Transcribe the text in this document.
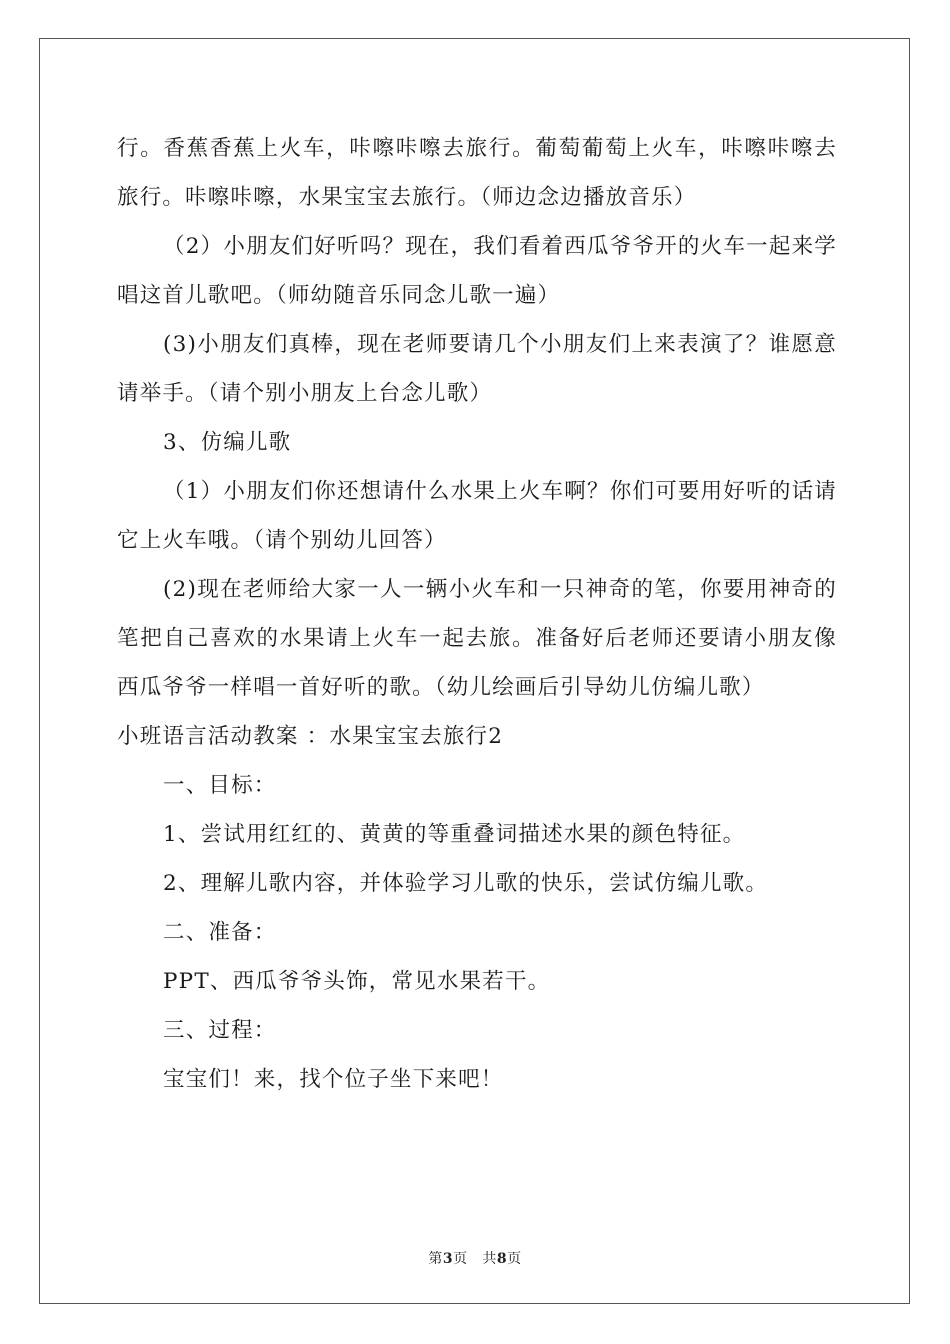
行。香蕉香蕉上火车，咔嚓咔嚓去旅行。葡萄葡萄上火车，咔嚓咔嚓去旅行。咔嚓咔嚓，水果宝宝去旅行。（师边念边播放音乐）

（2）小朋友们好听吗？现在，我们看着西瓜爷爷开的火车一起来学唱这首儿歌吧。（师幼随音乐同念儿歌一遍）

(3)小朋友们真棒，现在老师要请几个小朋友们上来表演了？谁愿意请举手。（请个别小朋友上台念儿歌）

3、仿编儿歌

（1）小朋友们你还想请什么水果上火车啊？你们可要用好听的话请它上火车哦。（请个别幼儿回答）

(2)现在老师给大家一人一辆小火车和一只神奇的笔，你要用神奇的笔把自己喜欢的水果请上火车一起去旅。准备好后老师还要请小朋友像西瓜爷爷一样唱一首好听的歌。（幼儿绘画后引导幼儿仿编儿歌）

小班语言活动教案 ：水果宝宝去旅行2

一、目标：

1、尝试用红红的、黄黄的等重叠词描述水果的颜色特征。

2、理解儿歌内容，并体验学习儿歌的快乐，尝试仿编儿歌。

二、准备：

PPT、西瓜爷爷头饰，常见水果若干。

三、过程：

宝宝们！来，找个位子坐下来吧！

第3页   共8页
